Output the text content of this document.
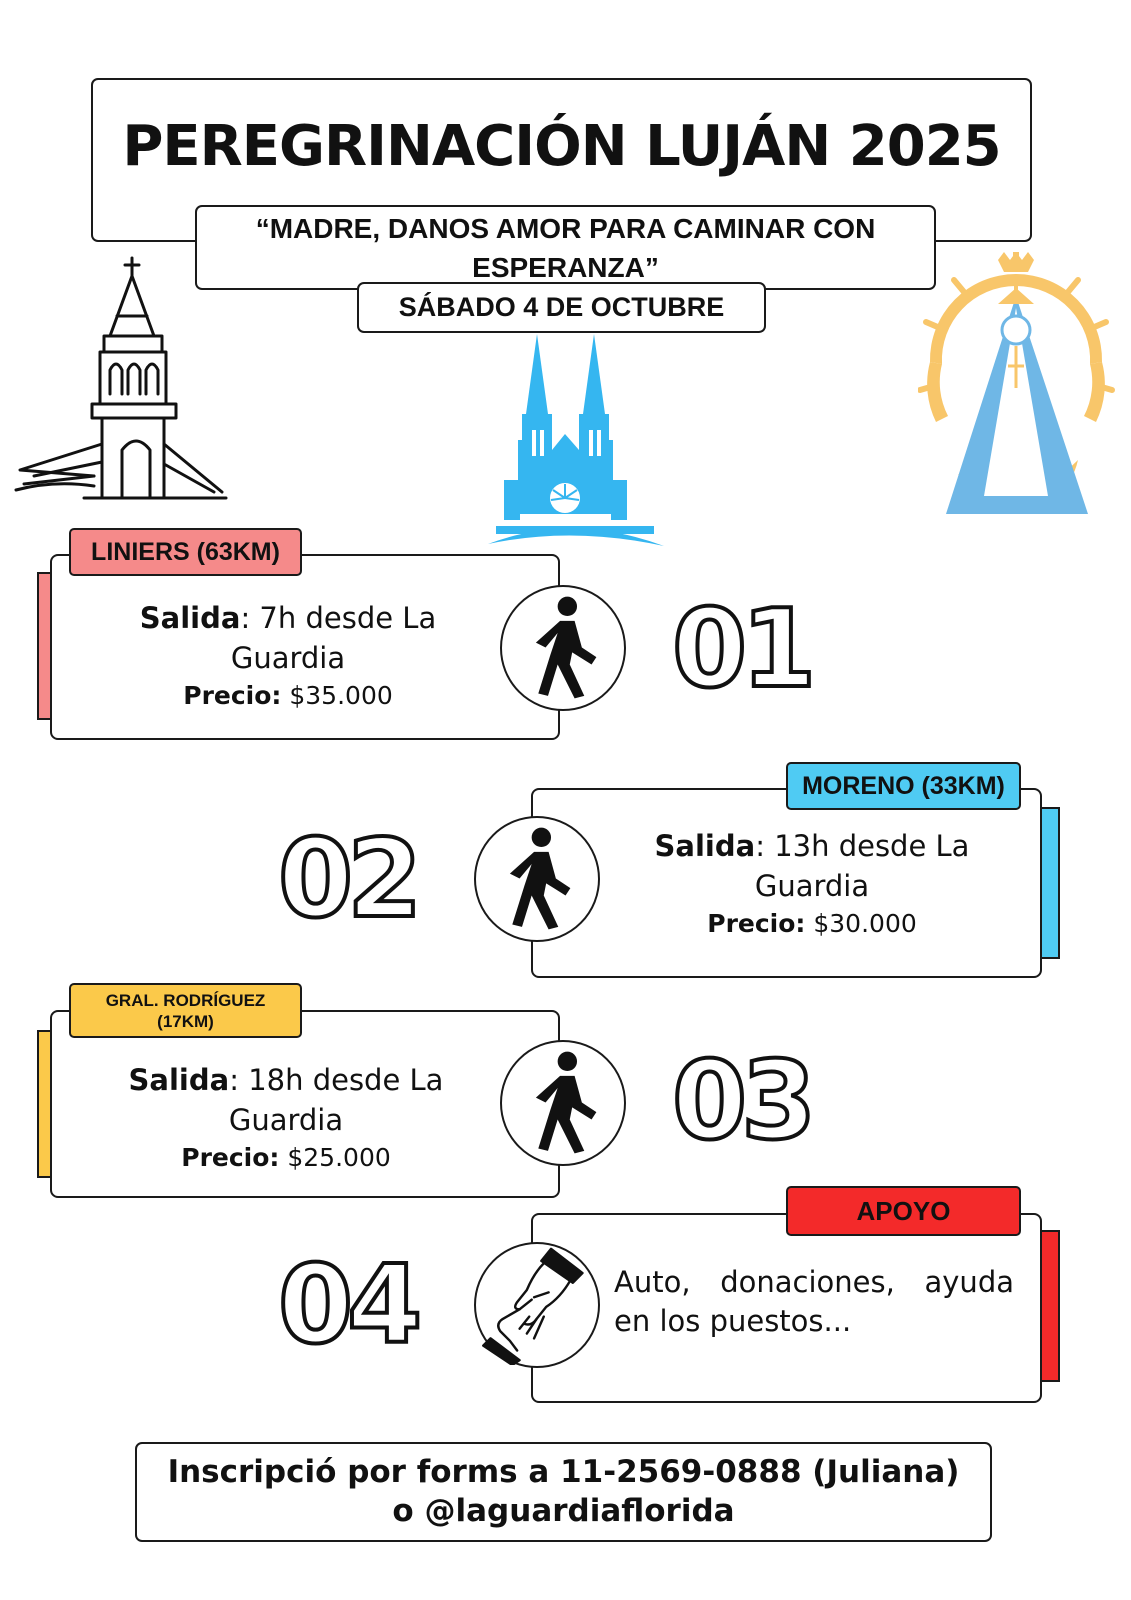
PEREGRINACIÓN LUJÁN 2025
“MADRE, DANOS AMOR PARA CAMINAR CON ESPERANZA”
SÁBADO 4 DE OCTUBRE
LINIERS (63KM)
Salida: 7h desde La Guardia
Precio: $35.000	01
MORENO (33KM)
Salida: 13h desde La Guardia
Precio: $30.000
02
GRAL. RODRÍGUEZ (17KM)
Salida: 18h desde La Guardia
Precio: $25.000	03
APOYO
Auto, donaciones, ayuda en los puestos...
04
Inscripció por forms a 11-2569-0888 (Juliana)
o @laguardiaflorida
